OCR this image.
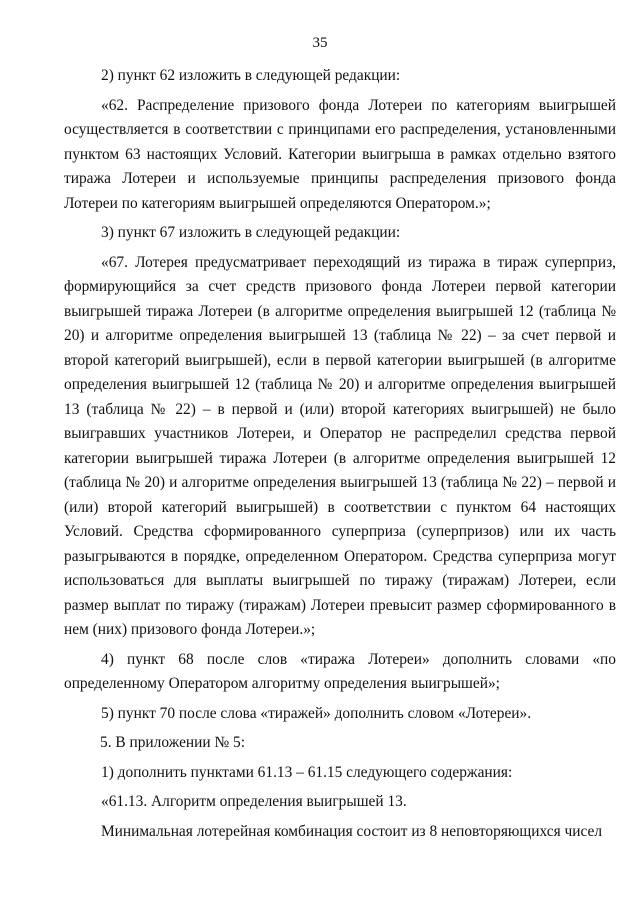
35

2) пункт 62 изложить в следующей редакции:

«62. Распределение призового фонда Лотереи по категориям выигрышей осуществляется в соответствии с принципами его распределения, установленными пунктом 63 настоящих Условий. Категории выигрыша в рамках отдельно взятого тиража Лотереи и используемые принципы распределения призового фонда Лотереи по категориям выигрышей определяются Оператором.»;

3) пункт 67 изложить в следующей редакции:

«67. Лотерея предусматривает переходящий из тиража в тираж суперприз, формирующийся за счет средств призового фонда Лотереи первой категории выигрышей тиража Лотереи (в алгоритме определения выигрышей 12 (таблица № 20) и алгоритме определения выигрышей 13 (таблица № 22) – за счет первой и второй категорий выигрышей), если в первой категории выигрышей (в алгоритме определения выигрышей 12 (таблица № 20) и алгоритме определения выигрышей 13 (таблица № 22) – в первой и (или) второй категориях выигрышей) не было выигравших участников Лотереи, и Оператор не распределил средства первой категории выигрышей тиража Лотереи (в алгоритме определения выигрышей 12 (таблица № 20) и алгоритме определения выигрышей 13 (таблица № 22) – первой и (или) второй категорий выигрышей) в соответствии с пунктом 64 настоящих Условий. Средства сформированного суперприза (суперпризов) или их часть разыгрываются в порядке, определенном Оператором. Средства суперприза могут использоваться для выплаты выигрышей по тиражу (тиражам) Лотереи, если размер выплат по тиражу (тиражам) Лотереи превысит размер сформированного в нем (них) призового фонда Лотереи.»;

4) пункт 68 после слов «тиража Лотереи» дополнить словами «по определенному Оператором алгоритму определения выигрышей»;

5) пункт 70 после слова «тиражей» дополнить словом «Лотереи».

5. В приложении № 5:

1) дополнить пунктами 61.13 – 61.15 следующего содержания:

«61.13. Алгоритм определения выигрышей 13.

Минимальная лотерейная комбинация состоит из 8 неповторяющихся чисел
